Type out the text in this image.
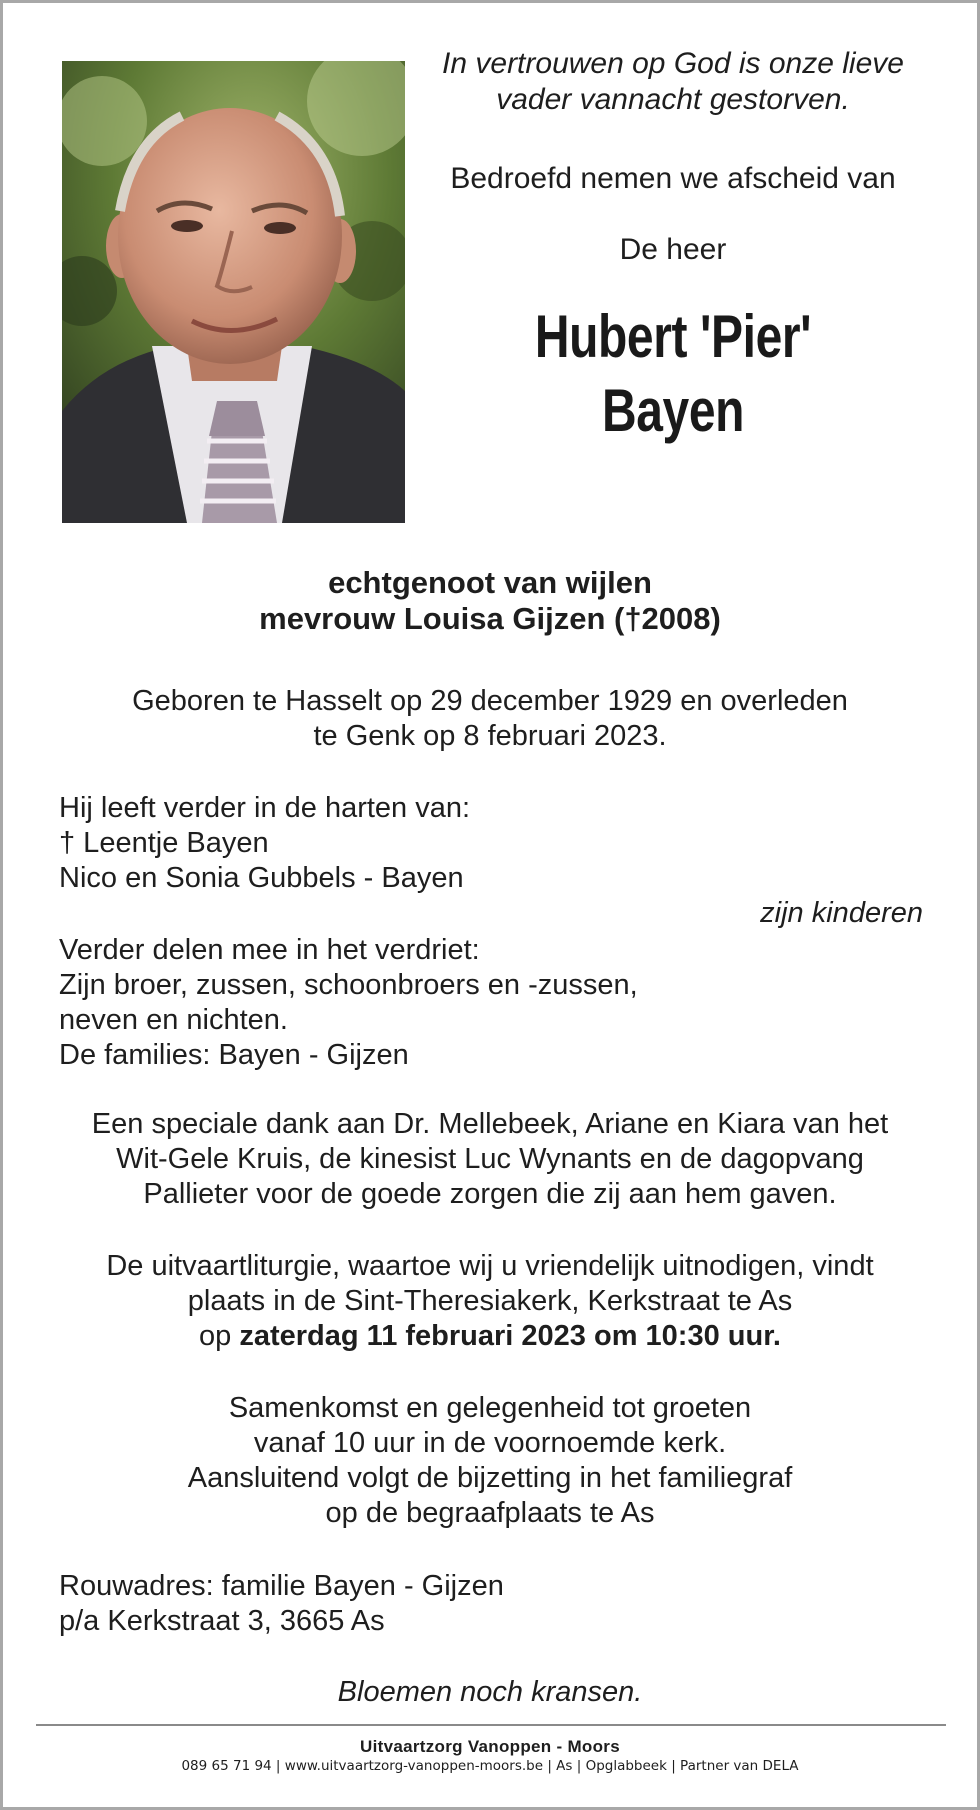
In vertrouwen op God is onze lieve
vader vannacht gestorven.
Bedroefd nemen we afscheid van
De heer
Hubert 'Pier'
Bayen
echtgenoot van wijlen
mevrouw Louisa Gijzen (†2008)
Geboren te Hasselt op 29 december 1929 en overleden
te Genk op 8 februari 2023.
Hij leeft verder in de harten van:
† Leentje Bayen
Nico en Sonia Gubbels - Bayen
zijn kinderen
Verder delen mee in het verdriet:
Zijn broer, zussen, schoonbroers en -zussen,
neven en nichten.
De families: Bayen - Gijzen
Een speciale dank aan Dr. Mellebeek, Ariane en Kiara van het
Wit-Gele Kruis, de kinesist Luc Wynants en de dagopvang
Pallieter voor de goede zorgen die zij aan hem gaven.
De uitvaartliturgie, waartoe wij u vriendelijk uitnodigen, vindt
plaats in de Sint-Theresiakerk, Kerkstraat te As
op zaterdag 11 februari 2023 om 10:30 uur.
Samenkomst en gelegenheid tot groeten
vanaf 10 uur in de voornoemde kerk.
Aansluitend volgt de bijzetting in het familiegraf
op de begraafplaats te As
Rouwadres: familie Bayen - Gijzen
p/a Kerkstraat 3, 3665 As
Bloemen noch kransen.
Uitvaartzorg Vanoppen - Moors
089 65 71 94 | www.uitvaartzorg-vanoppen-moors.be | As | Opglabbeek | Partner van DELA
